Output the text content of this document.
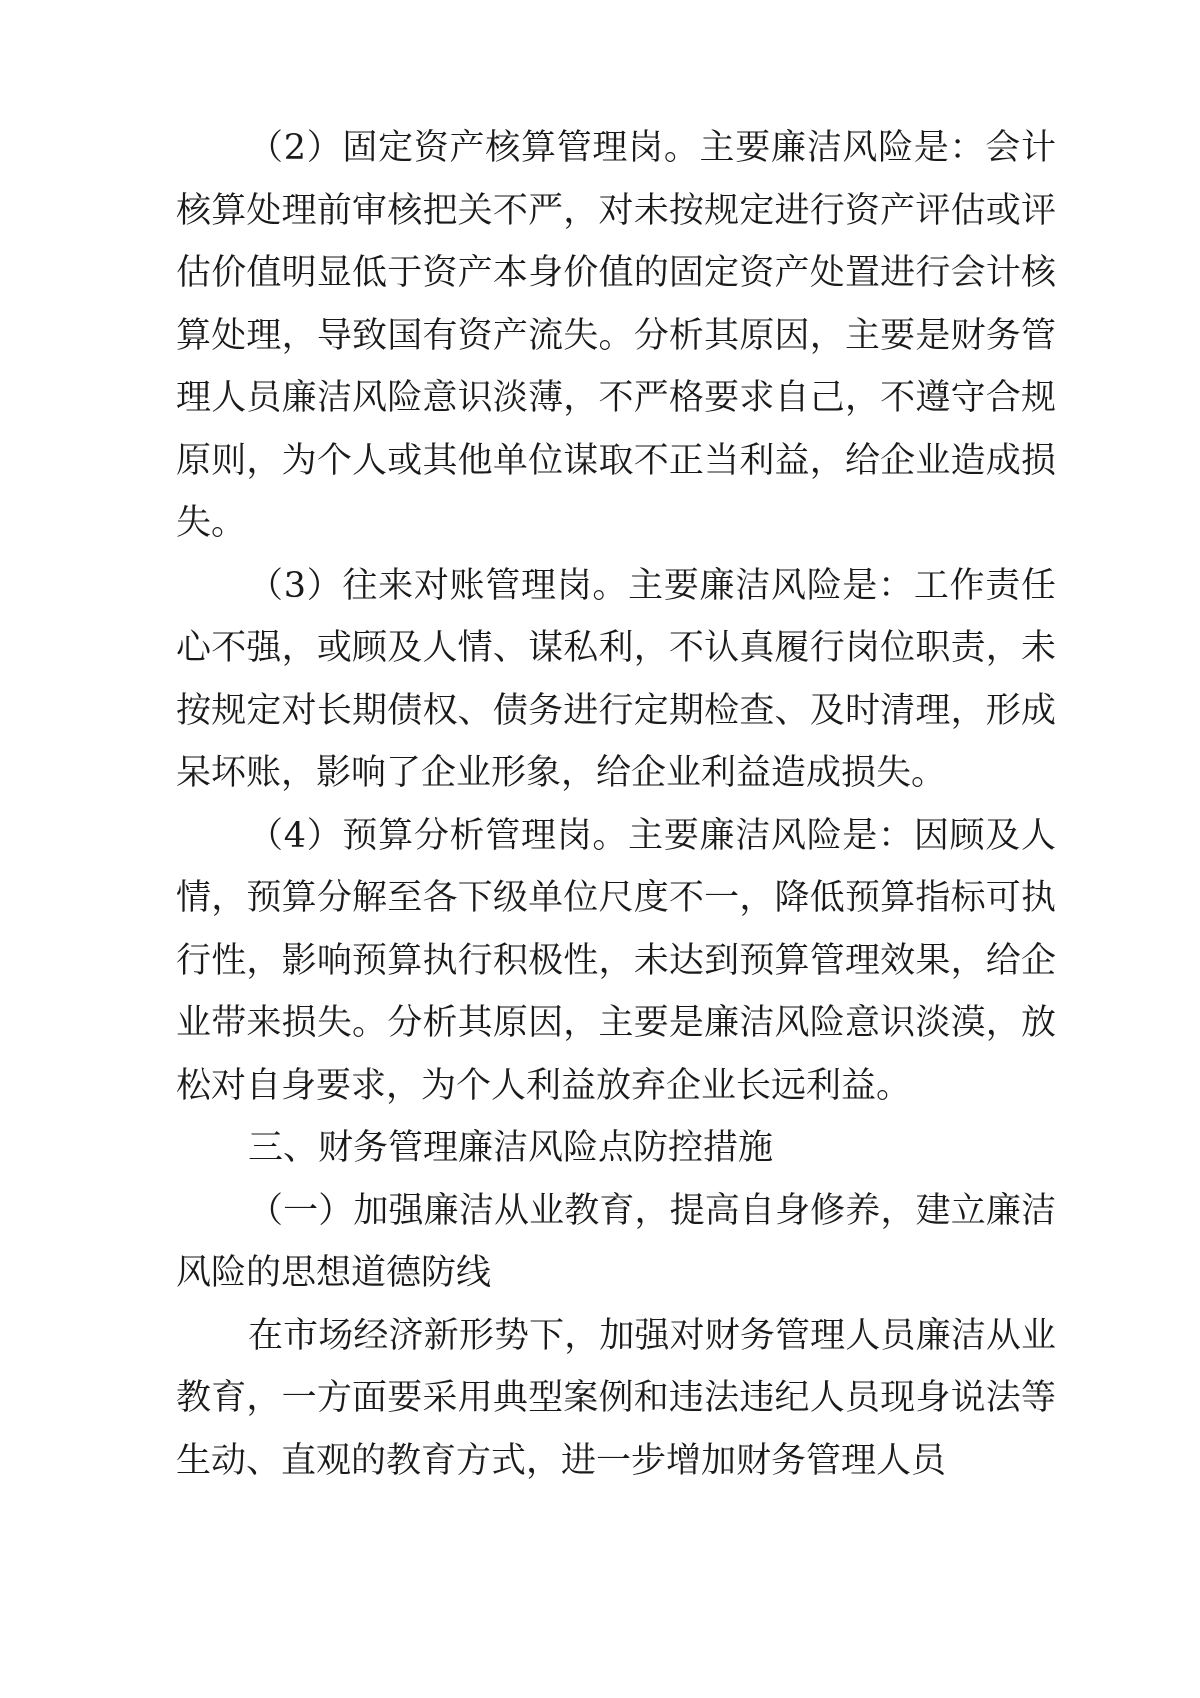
（2）固定资产核算管理岗。主要廉洁风险是：会计核算处理前审核把关不严，对未按规定进行资产评估或评估价值明显低于资产本身价值的固定资产处置进行会计核算处理，导致国有资产流失。分析其原因，主要是财务管理人员廉洁风险意识淡薄，不严格要求自己，不遵守合规原则，为个人或其他单位谋取不正当利益，给企业造成损失。

（3）往来对账管理岗。主要廉洁风险是：工作责任心不强，或顾及人情、谋私利，不认真履行岗位职责，未按规定对长期债权、债务进行定期检查、及时清理，形成呆坏账，影响了企业形象，给企业利益造成损失。

（4）预算分析管理岗。主要廉洁风险是：因顾及人情，预算分解至各下级单位尺度不一，降低预算指标可执行性，影响预算执行积极性，未达到预算管理效果，给企业带来损失。分析其原因，主要是廉洁风险意识淡漠，放松对自身要求，为个人利益放弃企业长远利益。

三、财务管理廉洁风险点防控措施

（一）加强廉洁从业教育，提高自身修养，建立廉洁风险的思想道德防线

在市场经济新形势下，加强对财务管理人员廉洁从业教育，一方面要采用典型案例和违法违纪人员现身说法等生动、直观的教育方式，进一步增加财务管理人员
